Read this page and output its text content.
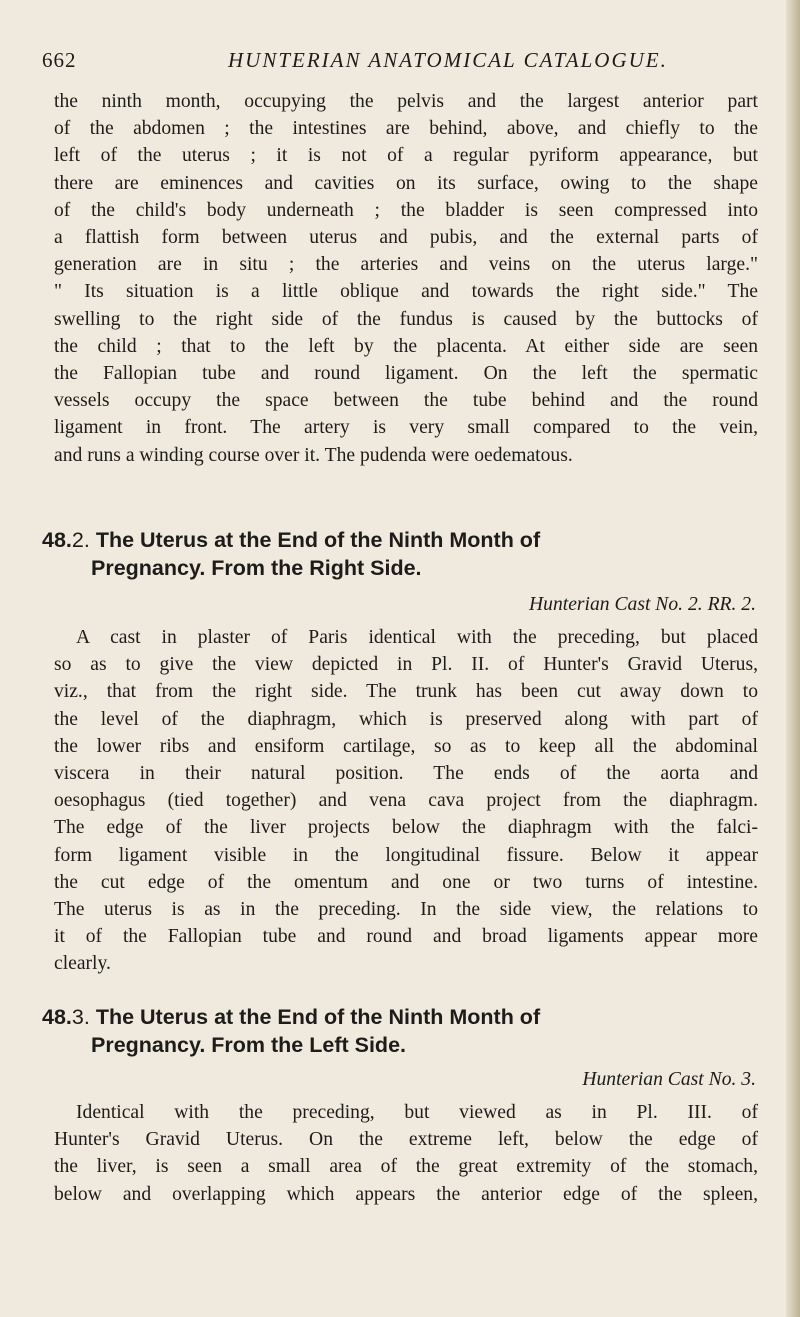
662	HUNTERIAN ANATOMICAL CATALOGUE.
the ninth month, occupying the pelvis and the largest anterior part
of the abdomen ; the intestines are behind, above, and chiefly to the
left of the uterus ; it is not of a regular pyriform appearance, but
there are eminences and cavities on its surface, owing to the shape
of the child's body underneath ; the bladder is seen compressed into
a flattish form between uterus and pubis, and the external parts of
generation are in situ ; the arteries and veins on the uterus large."
" Its situation is a little oblique and towards the right side." The
swelling to the right side of the fundus is caused by the buttocks of
the child ; that to the left by the placenta. At either side are seen
the Fallopian tube and round ligament. On the left the spermatic
vessels occupy the space between the tube behind and the round
ligament in front. The artery is very small compared to the vein,
and runs a winding course over it. The pudenda were oedematous.
48.2. The Uterus at the End of the Ninth Month of
Pregnancy. From the Right Side.
Hunterian Cast No. 2. RR. 2.
A cast in plaster of Paris identical with the preceding, but placed
so as to give the view depicted in Pl. II. of Hunter's Gravid Uterus,
viz., that from the right side. The trunk has been cut away down to
the level of the diaphragm, which is preserved along with part of
the lower ribs and ensiform cartilage, so as to keep all the abdominal
viscera in their natural position. The ends of the aorta and
oesophagus (tied together) and vena cava project from the diaphragm.
The edge of the liver projects below the diaphragm with the falci-
form ligament visible in the longitudinal fissure. Below it appear
the cut edge of the omentum and one or two turns of intestine.
The uterus is as in the preceding. In the side view, the relations to
it of the Fallopian tube and round and broad ligaments appear more
clearly.
48.3. The Uterus at the End of the Ninth Month of
Pregnancy. From the Left Side.
Hunterian Cast No. 3.
Identical with the preceding, but viewed as in Pl. III. of
Hunter's Gravid Uterus. On the extreme left, below the edge of
the liver, is seen a small area of the great extremity of the stomach,
below and overlapping which appears the anterior edge of the spleen,
